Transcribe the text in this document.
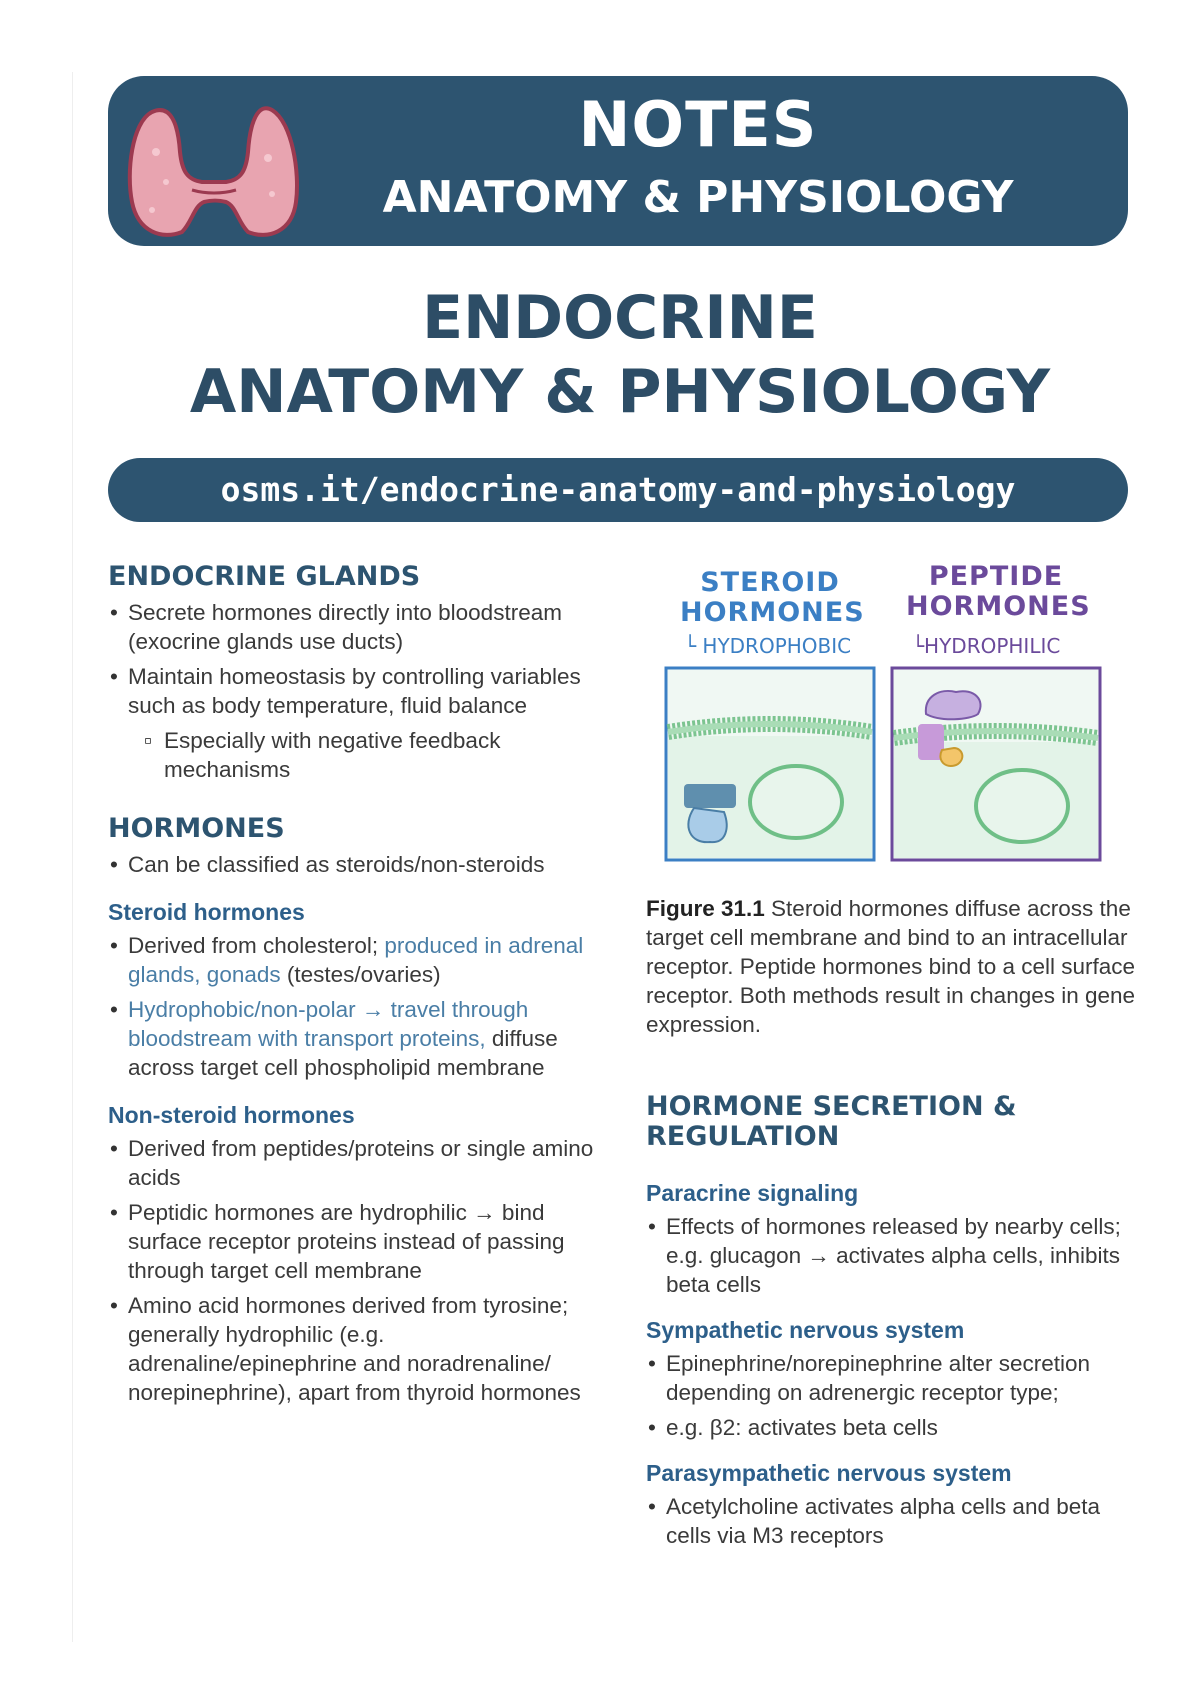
NOTES
ANATOMY & PHYSIOLOGY
ENDOCRINE
ANATOMY & PHYSIOLOGY
osms.it/endocrine-anatomy-and-physiology
ENDOCRINE GLANDS
• Secrete hormones directly into bloodstream (exocrine glands use ducts)
• Maintain homeostasis by controlling variables such as body temperature, fluid balance
▫ Especially with negative feedback mechanisms
HORMONES
• Can be classified as steroids/non-steroids
Steroid hormones
• Derived from cholesterol; produced in adrenal glands, gonads (testes/ovaries)
• Hydrophobic/non-polar → travel through bloodstream with transport proteins, diffuse across target cell phospholipid membrane
Non-steroid hormones
• Derived from peptides/proteins or single amino acids
• Peptidic hormones are hydrophilic → bind surface receptor proteins instead of passing through target cell membrane
• Amino acid hormones derived from tyrosine; generally hydrophilic (e.g. adrenaline/epinephrine and noradrenaline/ norepinephrine), apart from thyroid hormones
STEROID
HORMONES
└ HYDROPHOBIC
PEPTIDE
HORMONES
└HYDROPHILIC
Figure 31.1 Steroid hormones diffuse across the target cell membrane and bind to an intracellular receptor. Peptide hormones bind to a cell surface receptor. Both methods result in changes in gene expression.
HORMONE SECRETION &
REGULATION
Paracrine signaling
• Effects of hormones released by nearby cells; e.g. glucagon → activates alpha cells, inhibits beta cells
Sympathetic nervous system
• Epinephrine/norepinephrine alter secretion depending on adrenergic receptor type;
• e.g. β2: activates beta cells
Parasympathetic nervous system
• Acetylcholine activates alpha cells and beta cells via M3 receptors
